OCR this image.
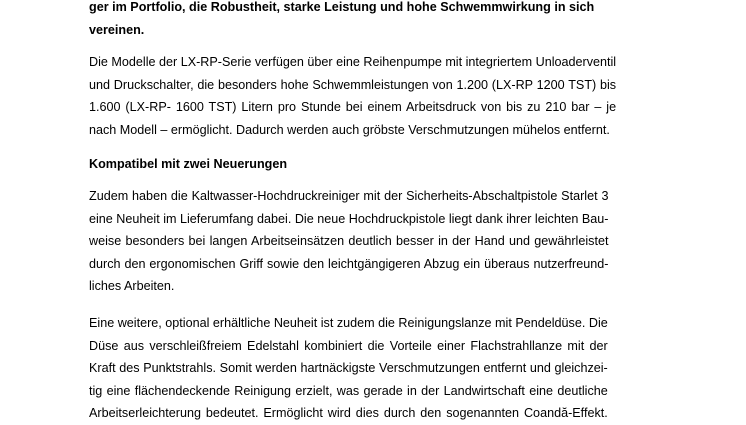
ger im Portfolio, die Robustheit, starke Leistung und hohe Schwemmwirkung in sich
vereinen.

Die Modelle der LX-RP-Serie verfügen über eine Reihenpumpe mit integriertem Unloaderventil
und Druckschalter, die besonders hohe Schwemmleistungen von 1.200 (LX-RP 1200 TST) bis
1.600 (LX-RP- 1600 TST) Litern pro Stunde bei einem Arbeitsdruck von bis zu 210 bar – je
nach Modell – ermöglicht. Dadurch werden auch gröbste Verschmutzungen mühelos entfernt.

Kompatibel mit zwei Neuerungen

Zudem haben die Kaltwasser-Hochdruckreiniger mit der Sicherheits-Abschaltpistole Starlet 3
eine Neuheit im Lieferumfang dabei. Die neue Hochdruckpistole liegt dank ihrer leichten Bau-
weise besonders bei langen Arbeitseinsätzen deutlich besser in der Hand und gewährleistet
durch den ergonomischen Griff sowie den leichtgängigeren Abzug ein überaus nutzerfreund-
liches Arbeiten.

Eine weitere, optional erhältliche Neuheit ist zudem die Reinigungslanze mit Pendeldüse. Die
Düse aus verschleißfreiem Edelstahl kombiniert die Vorteile einer Flachstrahllanze mit der
Kraft des Punktstrahls. Somit werden hartnäckigste Verschmutzungen entfernt und gleichzei-
tig eine flächendeckende Reinigung erzielt, was gerade in der Landwirtschaft eine deutliche
Arbeitserleichterung bedeutet. Ermöglicht wird dies durch den sogenannten Coandă-Effekt.
